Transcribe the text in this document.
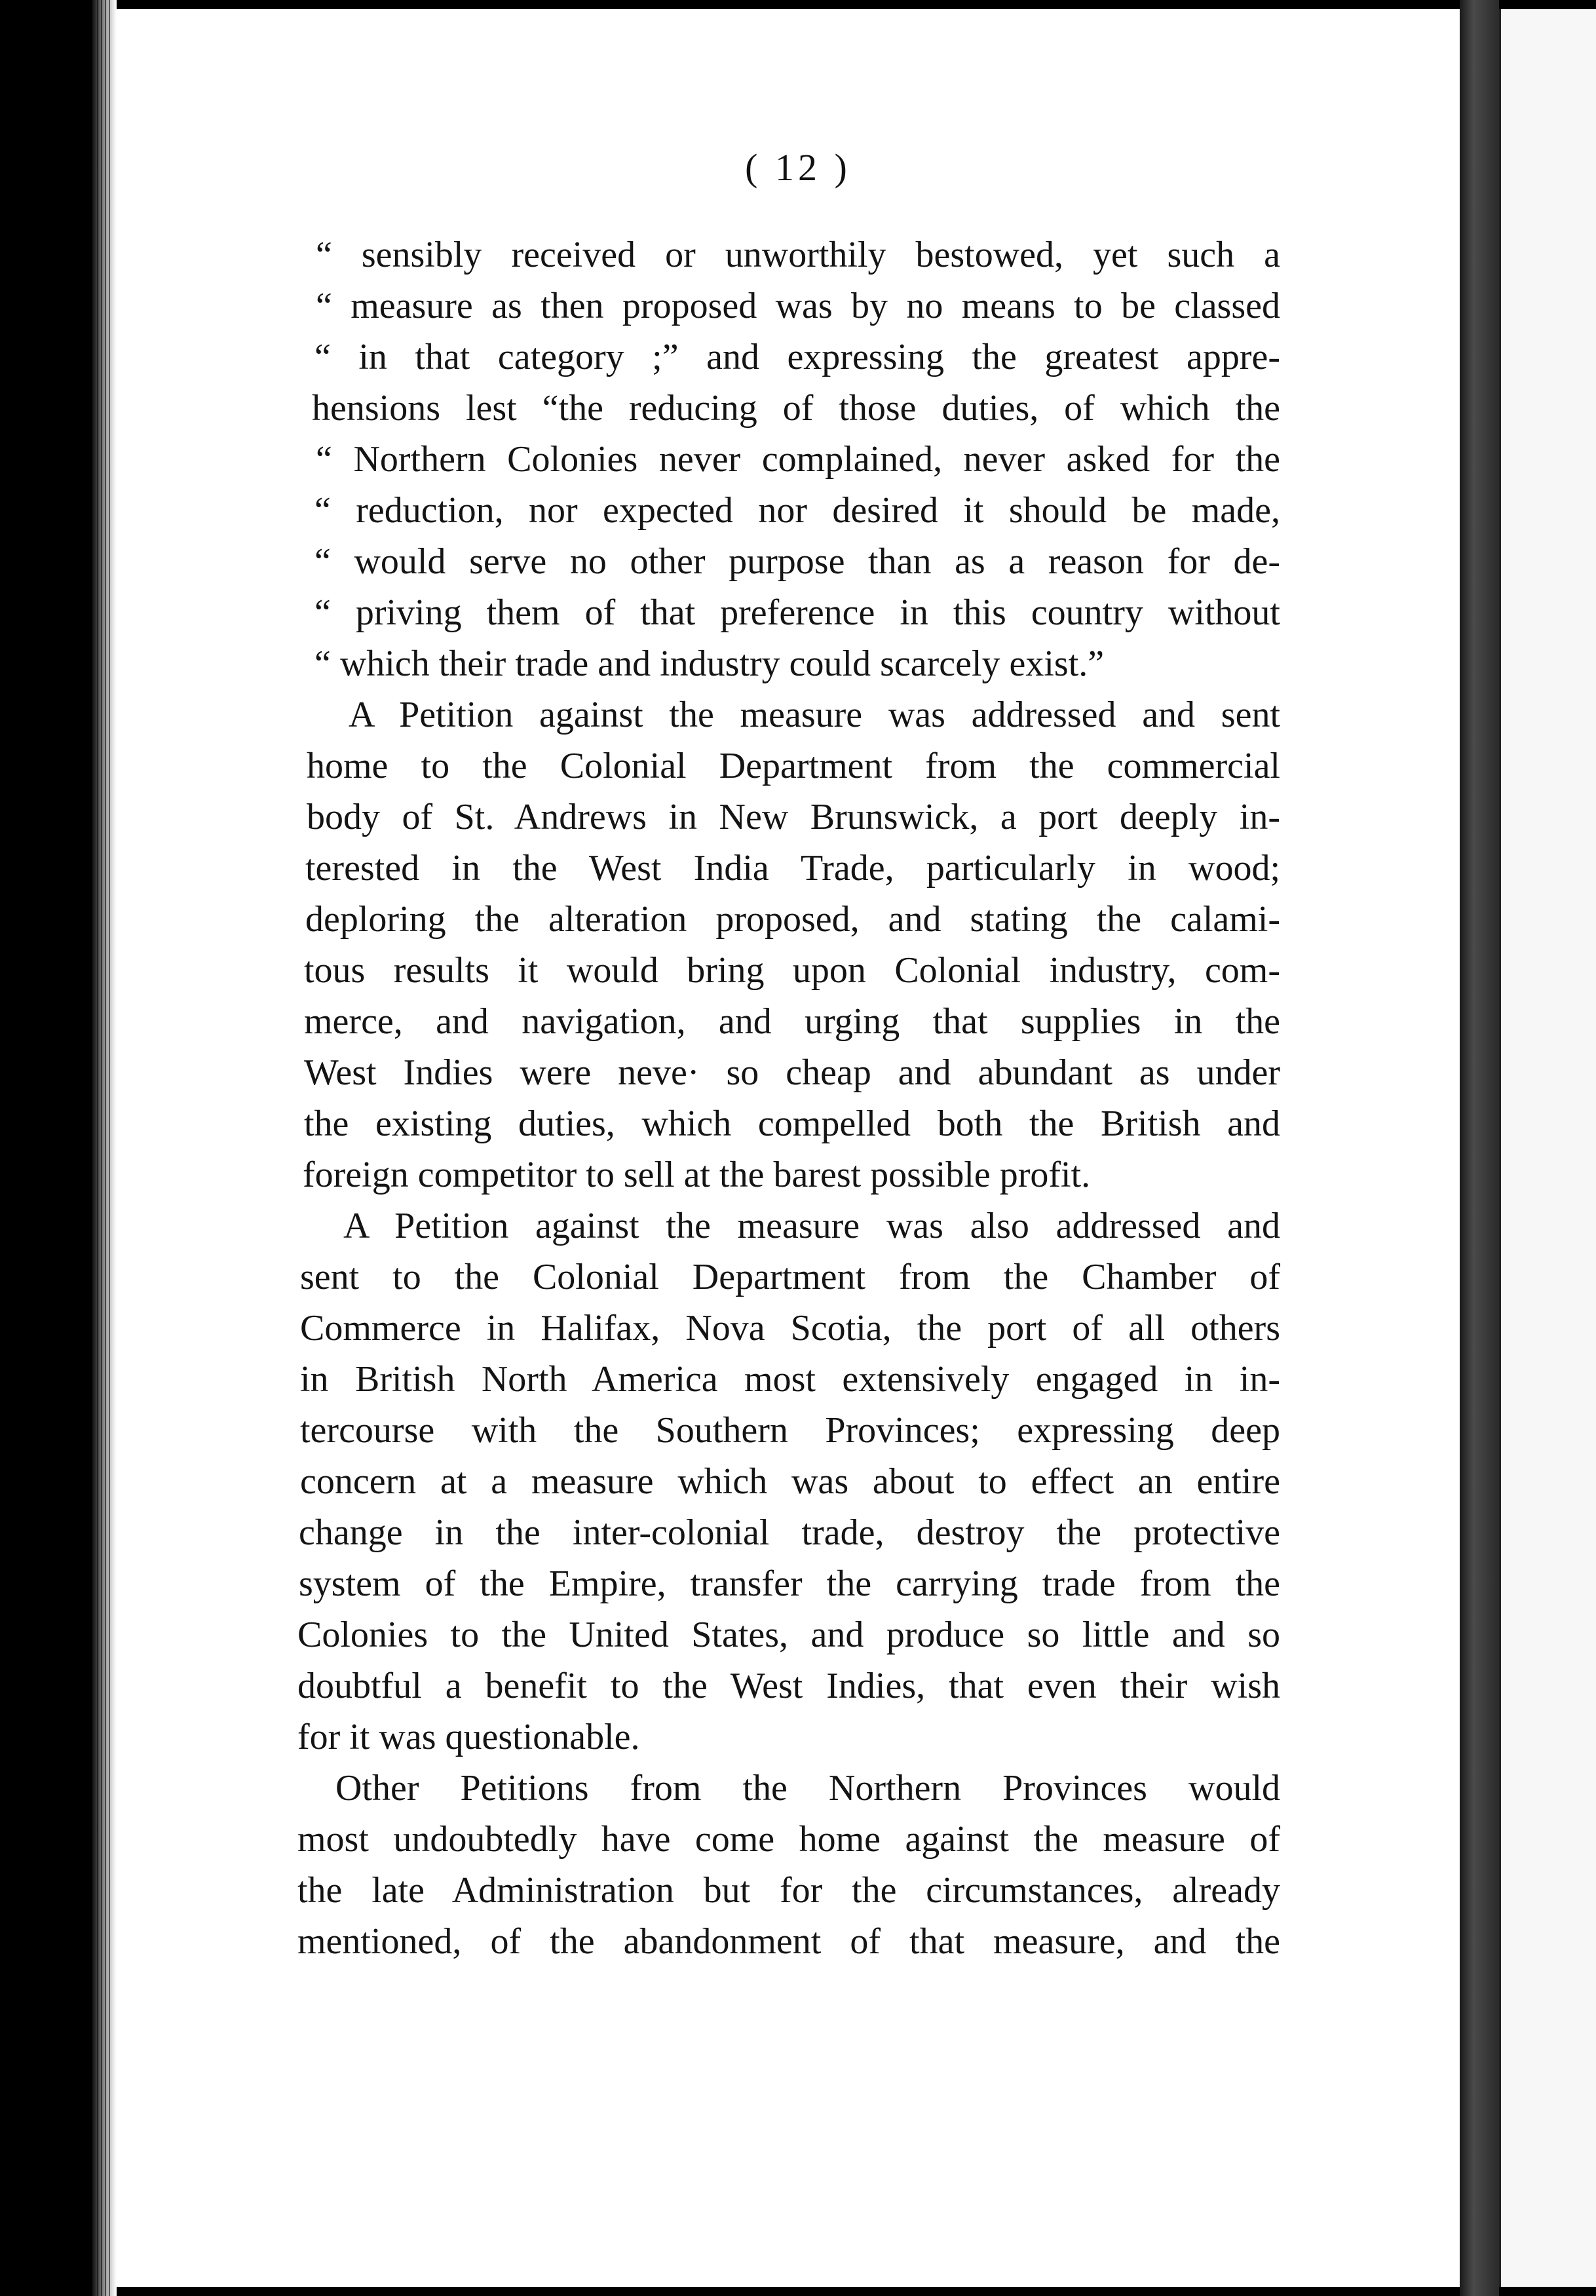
( 12 )
“ sensibly received or unworthily bestowed, yet such a
“ measure as then proposed was by no means to be classed
“ in that category ;” and expressing the greatest appre-
hensions lest “the reducing of those duties, of which the
“ Northern Colonies never complained, never asked for the
“ reduction, nor expected nor desired it should be made,
“ would serve no other purpose than as a reason for de-
“ priving them of that preference in this country without
“ which their trade and industry could scarcely exist.”
A Petition against the measure was addressed and sent
home to the Colonial Department from the commercial
body of St. Andrews in New Brunswick, a port deeply in-
terested in the West India Trade, particularly in wood;
deploring the alteration proposed, and stating the calami-
tous results it would bring upon Colonial industry, com-
merce, and navigation, and urging that supplies in the
West Indies were neve· so cheap and abundant as under
the existing duties, which compelled both the British and
foreign competitor to sell at the barest possible profit.
A Petition against the measure was also addressed and
sent to the Colonial Department from the Chamber of
Commerce in Halifax, Nova Scotia, the port of all others
in British North America most extensively engaged in in-
tercourse with the Southern Provinces; expressing deep
concern at a measure which was about to effect an entire
change in the inter-colonial trade, destroy the protective
system of the Empire, transfer the carrying trade from the
Colonies to the United States, and produce so little and so
doubtful a benefit to the West Indies, that even their wish
for it was questionable.
Other Petitions from the Northern Provinces would
most undoubtedly have come home against the measure of
the late Administration but for the circumstances, already
mentioned, of the abandonment of that measure, and the
